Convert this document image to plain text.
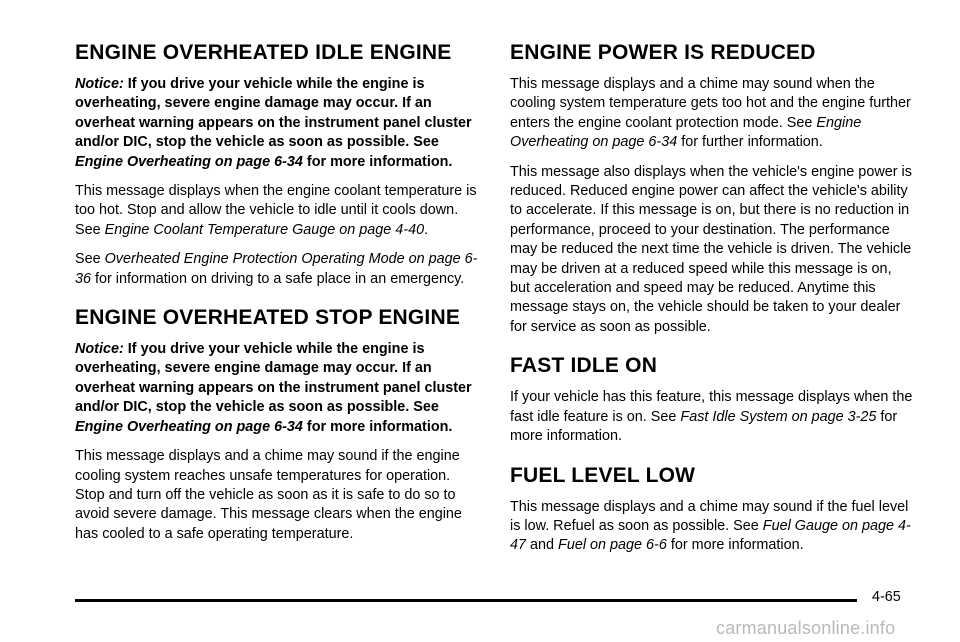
ENGINE OVERHEATED IDLE ENGINE

Notice: If you drive your vehicle while the engine is overheating, severe engine damage may occur. If an overheat warning appears on the instrument panel cluster and/or DIC, stop the vehicle as soon as possible. See Engine Overheating on page 6-34 for more information.

This message displays when the engine coolant temperature is too hot. Stop and allow the vehicle to idle until it cools down. See Engine Coolant Temperature Gauge on page 4-40.

See Overheated Engine Protection Operating Mode on page 6-36 for information on driving to a safe place in an emergency.

ENGINE OVERHEATED STOP ENGINE

Notice: If you drive your vehicle while the engine is overheating, severe engine damage may occur. If an overheat warning appears on the instrument panel cluster and/or DIC, stop the vehicle as soon as possible. See Engine Overheating on page 6-34 for more information.

This message displays and a chime may sound if the engine cooling system reaches unsafe temperatures for operation. Stop and turn off the vehicle as soon as it is safe to do so to avoid severe damage. This message clears when the engine has cooled to a safe operating temperature.

ENGINE POWER IS REDUCED

This message displays and a chime may sound when the cooling system temperature gets too hot and the engine further enters the engine coolant protection mode. See Engine Overheating on page 6-34 for further information.

This message also displays when the vehicle's engine power is reduced. Reduced engine power can affect the vehicle's ability to accelerate. If this message is on, but there is no reduction in performance, proceed to your destination. The performance may be reduced the next time the vehicle is driven. The vehicle may be driven at a reduced speed while this message is on, but acceleration and speed may be reduced. Anytime this message stays on, the vehicle should be taken to your dealer for service as soon as possible.

FAST IDLE ON

If your vehicle has this feature, this message displays when the fast idle feature is on. See Fast Idle System on page 3-25 for more information.

FUEL LEVEL LOW

This message displays and a chime may sound if the fuel level is low. Refuel as soon as possible. See Fuel Gauge on page 4-47 and Fuel on page 6-6 for more information.

4-65
carmanualsonline.info
